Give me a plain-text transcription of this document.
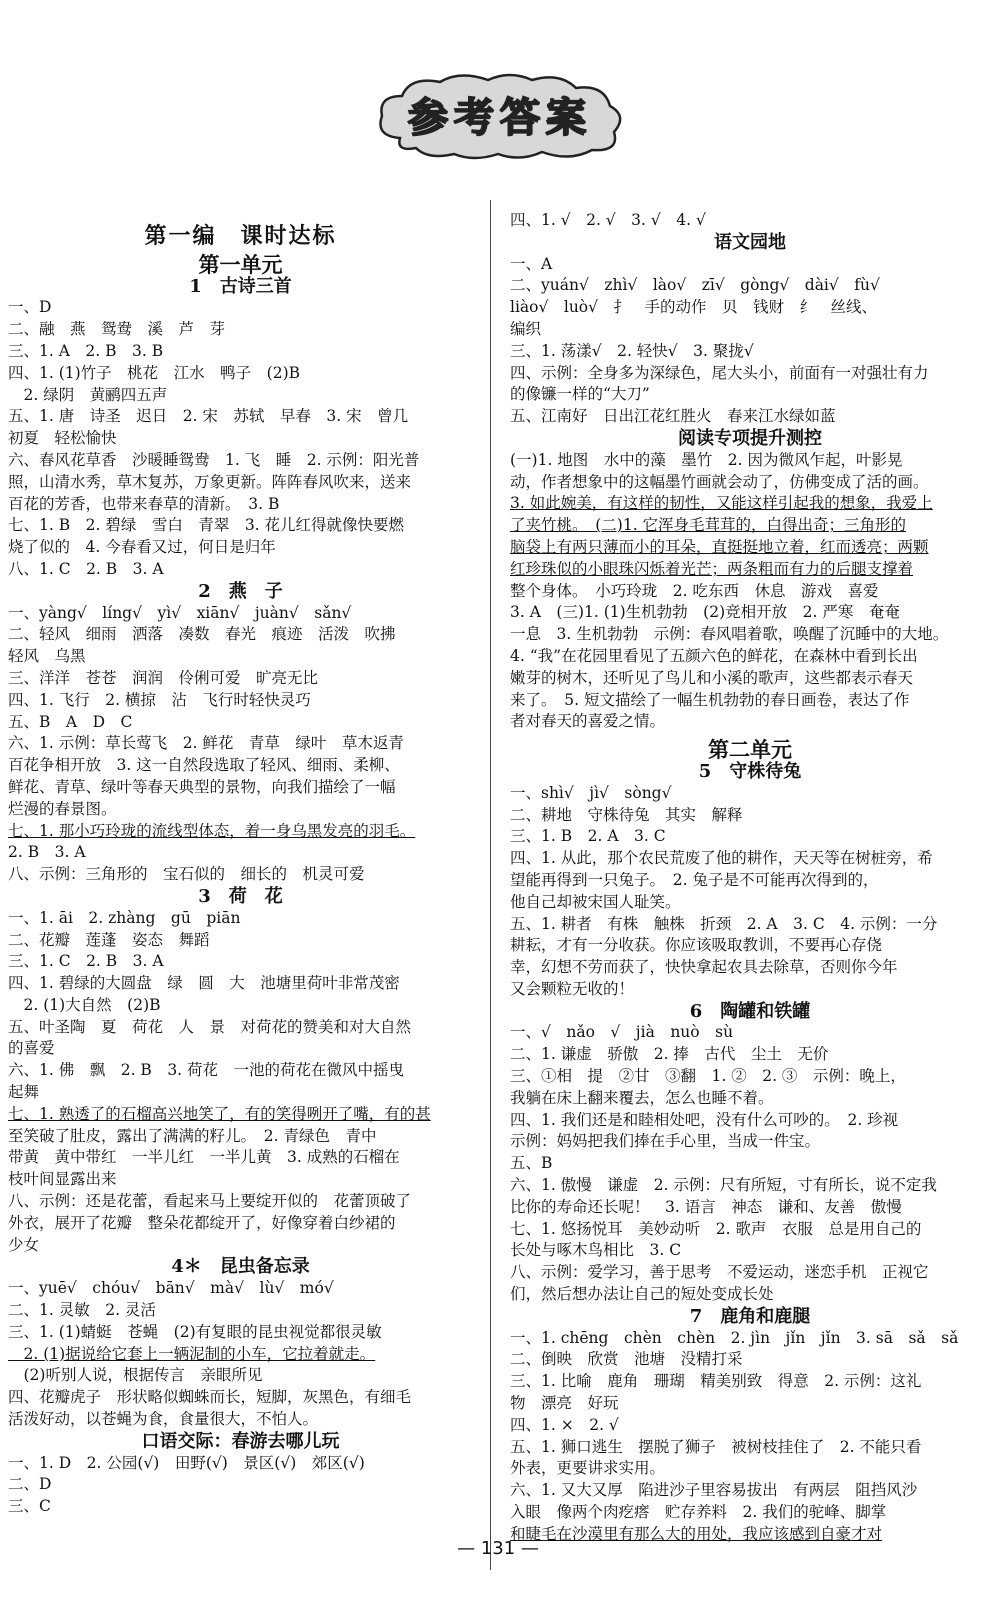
参考答案
第一编　课时达标
第一单元
1　古诗三首

一、D

二、融　燕　鸳鸯　溪　芦　芽

三、1. A　2. B　3. B

四、1. (1)竹子　桃花　江水　鸭子　(2)B

　2. 绿阴　黄鹂四五声

五、1. 唐　诗圣　迟日　2. 宋　苏轼　早春　3. 宋　曾几

初夏　轻松愉快

六、春风花草香　沙暖睡鸳鸯　1. 飞　睡　2. 示例：阳光普

照，山清水秀，草木复苏，万象更新。阵阵春风吹来，送来

百花的芳香，也带来春草的清新。　3. B

七、1. B　2. 碧绿　雪白　青翠　3. 花儿红得就像快要燃

烧了似的　4. 今春看又过，何日是归年

八、1. C　2. B　3. A

2　燕　子

一、yàng√　líng√　yì√　xiān√　juàn√　sǎn√

二、轻风　细雨　洒落　凑数　春光　痕迹　活泼　吹拂

轻风　乌黑

三、洋洋　苍苍　润润　伶俐可爱　旷亮无比

四、1. 飞行　2. 横掠　沾　飞行时轻快灵巧

五、B　A　D　C

六、1. 示例：草长莺飞　2. 鲜花　青草　绿叶　草木返青

百花争相开放　3. 这一自然段选取了轻风、细雨、柔柳、

鲜花、青草、绿叶等春天典型的景物，向我们描绘了一幅

烂漫的春景图。

七、1. 那小巧玲珑的流线型体态，着一身乌黑发亮的羽毛。

2. B　3. A

八、示例：三角形的　宝石似的　细长的　机灵可爱

3　荷　花

一、1. āi　2. zhàng　gū　piān

二、花瓣　莲蓬　姿态　舞蹈

三、1. C　2. B　3. A

四、1. 碧绿的大圆盘　绿　圆　大　池塘里荷叶非常茂密

　2. (1)大自然　(2)B

五、叶圣陶　夏　荷花　人　景　对荷花的赞美和对大自然

的喜爱

六、1. 佛　飘　2. B　3. 荷花　一池的荷花在微风中摇曳

起舞

七、1. 熟透了的石榴高兴地笑了，有的笑得咧开了嘴，有的甚

至笑破了肚皮，露出了满满的籽儿。　2. 青绿色　青中

带黄　黄中带红　一半儿红　一半儿黄　3. 成熟的石榴在

枝叶间显露出来

八、示例：还是花蕾，看起来马上要绽开似的　花蕾顶破了

外衣，展开了花瓣　整朵花都绽开了，好像穿着白纱裙的

少女

4＊　昆虫备忘录

一、yuē√　chóu√　bān√　mà√　lù√　mó√

二、1. 灵敏　2. 灵活

三、1. (1)蜻蜓　苍蝇　(2)有复眼的昆虫视觉都很灵敏

　2. (1)据说给它套上一辆泥制的小车，它拉着就走。

　(2)听别人说，根据传言　亲眼所见

四、花瓣虎子　形状略似蜘蛛而长，短脚，灰黑色，有细毛

活泼好动，以苍蝇为食，食量很大，不怕人。

口语交际：春游去哪儿玩

一、1. D　2. 公园(√)　田野(√)　景区(√)　郊区(√)

二、D

三、C

四、1. √　2. √　3. √　4. √

语文园地

一、A

二、yuán√　zhì√　lào√　zī√　gòng√　dài√　fù√

liào√　luò√　扌　手的动作　贝　钱财　纟　丝线、

编织

三、1. 荡漾√　2. 轻快√　3. 聚拢√

四、示例：全身多为深绿色，尾大头小，前面有一对强壮有力

的像镰一样的“大刀”

五、江南好　日出江花红胜火　春来江水绿如蓝

阅读专项提升测控

(一)1. 地图　水中的藻　墨竹　2. 因为微风乍起，叶影晃

动，作者想象中的这幅墨竹画就会动了，仿佛变成了活的画。

3. 如此婉美，有这样的韧性，又能这样引起我的想象，我爱上

了夹竹桃。　(二)1. 它浑身毛茸茸的，白得出奇；三角形的

脑袋上有两只薄而小的耳朵，直挺挺地立着，红而透亮；两颗

红珍珠似的小眼珠闪烁着光芒；两条粗而有力的后腿支撑着

整个身体。　小巧玲珑　2. 吃东西　休息　游戏　喜爱

3. A　(三)1. (1)生机勃勃　(2)竞相开放　2. 严寒　奄奄

一息　3. 生机勃勃　示例：春风唱着歌，唤醒了沉睡中的大地。

4. “我”在花园里看见了五颜六色的鲜花，在森林中看到长出

嫩芽的树木，还听见了鸟儿和小溪的歌声，这些都表示春天

来了。　5. 短文描绘了一幅生机勃勃的春日画卷，表达了作

者对春天的喜爱之情。

第二单元
5　守株待兔

一、shì√　jì√　sòng√

二、耕地　守株待兔　其实　解释

三、1. B　2. A　3. C

四、1. 从此，那个农民荒废了他的耕作，天天等在树桩旁，希

望能再得到一只兔子。　2. 兔子是不可能再次得到的，

他自己却被宋国人耻笑。

五、1. 耕者　有株　触株　折颈　2. A　3. C　4. 示例：一分

耕耘，才有一分收获。你应该吸取教训，不要再心存侥

幸，幻想不劳而获了，快快拿起农具去除草，否则你今年

又会颗粒无收的！

6　陶罐和铁罐

一、√　nǎo　√　jià　nuò　sù

二、1. 谦虚　骄傲　2. 捧　古代　尘土　无价

三、①相　提　②甘　③翻　1. ②　2. ③　示例：晚上，

我躺在床上翻来覆去，怎么也睡不着。

四、1. 我们还是和睦相处吧，没有什么可吵的。　2. 珍视

示例：妈妈把我们捧在手心里，当成一件宝。

五、B

六、1. 傲慢　谦虚　2. 示例：尺有所短，寸有所长，说不定我

比你的寿命还长呢！　3. 语言　神态　谦和、友善　傲慢

七、1. 悠扬悦耳　美妙动听　2. 歌声　衣服　总是用自己的

长处与啄木鸟相比　3. C

八、示例：爱学习，善于思考　不爱运动，迷恋手机　正视它

们，然后想办法让自己的短处变成长处

7　鹿角和鹿腿

一、1. chēng　chèn　chèn　2. jìn　jǐn　jǐn　3. sā　sǎ　sǎ

二、倒映　欣赏　池塘　没精打采

三、1. 比喻　鹿角　珊瑚　精美别致　得意　2. 示例：这礼

物　漂亮　好玩

四、1. ×　2. √

五、1. 狮口逃生　摆脱了狮子　被树枝挂住了　2. 不能只看

外表，更要讲求实用。

六、1. 又大又厚　陷进沙子里容易拔出　有两层　阻挡风沙

入眼　像两个肉疙瘩　贮存养料　2. 我们的驼峰、脚掌

和睫毛在沙漠里有那么大的用处，我应该感到自豪才对

— 131 —
